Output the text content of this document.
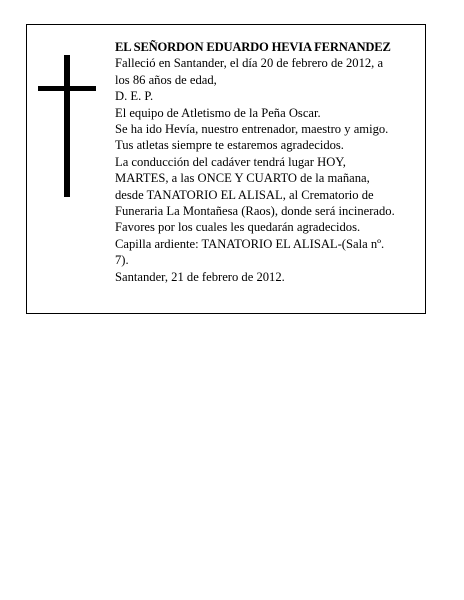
EL SEÑORDON EDUARDO HEVIA FERNANDEZ
Falleció en Santander, el día 20 de febrero de 2012, a
los 86 años de edad,
D. E. P.
El equipo de Atletismo de la Peña Oscar.
Se ha ido Hevía, nuestro entrenador, maestro y amigo.
Tus atletas siempre te estaremos agradecidos.
La conducción del cadáver tendrá lugar HOY,
MARTES, a las ONCE Y CUARTO de la mañana,
desde TANATORIO EL ALISAL, al Crematorio de
Funeraria La Montañesa (Raos), donde será incinerado.
Favores por los cuales les quedarán agradecidos.
Capilla ardiente: TANATORIO EL ALISAL-(Sala nº.
7).
Santander, 21 de febrero de 2012.
